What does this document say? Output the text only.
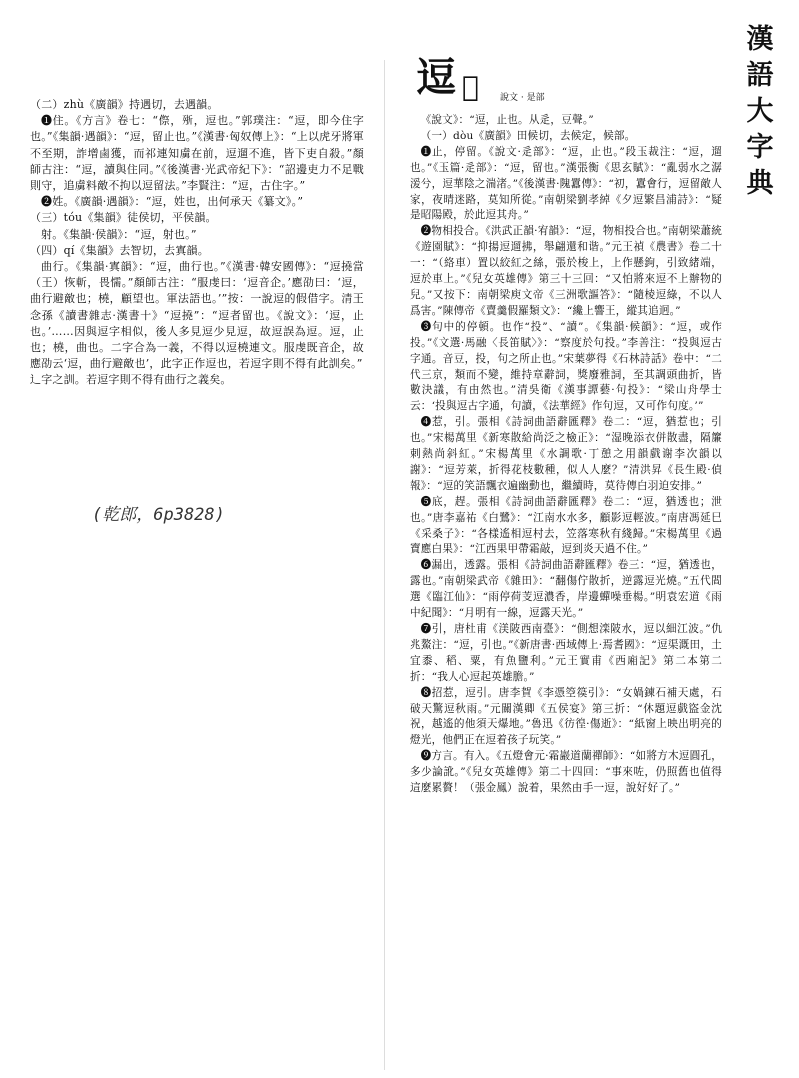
漢
語
大
字
典
逗 𨓆 說文 · 是部

（二）zhù《廣韻》持遇切，去遇韻。

❶住。《方言》卷七：“傺，𣨋，逗也。”郭璞注：“逗，即今住字也。”《集韻·遇韻》：“逗，留止也。”《漢書·匈奴傳上》：“上以虎牙將軍不至期，詐增鹵獲，而祁連知虜在前，逗遛不進，皆下吏自殺。”顏師古注：“逗，讀與住同。”《後漢書·光武帝紀下》：“詔邊吏力不足戰則守，追虜料敵不拘以逗留法。”李賢注：“逗，古住字。”

❷姓。《廣韻·遇韻》：“逗，姓也，出何承天《纂文》。”

（三）tóu《集韻》徒侯切，平侯韻。

射。《集韻·侯韻》：“逗，射也。”

（四）qí《集韻》去智切，去寘韻。

曲行。《集韻·寘韻》：“逗，曲行也。”《漢書·韓安國傳》：“逗撓當（王）恢斬，畏懦。”顏師古注：“服虔曰：‘逗音企。’應劭曰：‘逗，曲行避敵也；橈，顧望也。軍法語也。’”按：一說逗的假借字。清王念孫《讀書雜志·漢書十》“逗撓”：“逗者留也。《說文》：‘逗，止也。’……因與逗字相似，後人多見逗少見逗，故逗誤為逗。逗，止也；橈，曲也。二字合為一義，不得以逗橈連文。服虔既音企，故應劭云‘逗，曲行避敵也’，此字正作逗也，若逗字則不得有此訓矣。”

辶字之訓。若逗字則不得有曲行之義矣。

(乾郎，6p3828)

《說文》：“逗，止也。从辵，豆聲。”

（一）dòu《廣韻》田候切，去候定，候部。

❶止，停留。《說文·辵部》：“逗，止也。”段玉裁注：“逗，遛也。”《玉篇·辵部》：“逗，留也。”漢張衡《思玄賦》：“亂弱水之潺湲兮，逗華陰之湍渚。”《後漢書·隗囂傳》：“初，囂會行，逗留敵人家，夜晴迷路，莫知所從。”南朝梁劉孝綽《夕逗繁昌浦詩》：“疑是昭陽殿，於此逗其舟。”

❷物相投合。《洪武正韻·宥韻》：“逗，物相投合也。”南朝梁蕭統《遊園賦》：“抑揚逗遛拂，舉翩還和谐。”元王禎《農書》卷二十一：“（絡車）置以絞紅之絲，張於梭上，上作懸鉤，引致緒端，逗於車上。”《兒女英雄傳》第三十三回：“又怕將來逗不上辦物的兒。”又按下：南朝梁庾文帝《三洲歌謳答》：“隨棱逗綠，不以人爲害。”陳傳帝《賣羹假羅類文》：“纔上響王，縱其追迥。”

❸句中的停頓。也作“投”、“讀”。《集韻·候韻》：“逗，或作投。”《文選·馬融〈長笛賦〉》：“察度於句投。”李善注：“投與逗古字通。音豆，投，句之所止也。”宋葉夢得《石林詩話》卷中：“二代三京，類而不變，維持章辭詞，獎廢雅詞，至其調頭曲折，皆數決議，有由然也。”清吳衛《漢事譚藝·句投》：“梁山舟學士云：‘投與逗古字通，句讀，《法華經》作句逗，又可作句度。’”

❹惹，引。張相《詩詞曲語辭匯釋》卷二：“逗，猶惹也；引也。”宋楊萬里《新寒散給尚泛之檢正》：“湿晚添衣併散盡，隔簾刺熱尚斜紅。”宋楊萬里《水調歌·丁憩之用韻戲谢李次韻以謝》：“逗芳萊，折得花枝數種，似人人麼？”清洪昇《長生殿·偵報》：“逗的笑語飄衣遍幽動也，繼續時，莫待傳白羽迫安排。”

❺底，趕。張相《詩詞曲語辭匯釋》卷二：“逗，猶透也；泄也。”唐李嘉祐《白鷺》：“江南水水多，顧影逗輕波。”南唐馮延巳《采桑子》：“各樣遙相逗村去，笠落寒秋有綫歸。”宋楊萬里《過寶應白果》：“江西果甲帶霜敲，逗到炎天過不住。”

❻漏出，透露。張相《詩詞曲語辭匯釋》卷三：“逗，猶透也，露也。”南朝梁武帝《雜田》：“翻傷佇散折，逆露逗光燒。”五代閻選《臨江仙》：“雨停荷芰逗濃香，岸邊蟬噪垂楊。”明袁宏道《雨中紀聞》：“月明有一線，逗露天光。”

❼引，唐杜甫《渼陂西南臺》：“側想滦陂水，逗以細江波。”仇兆鰲注：“逗，引也。”《新唐書·西域傳上·焉耆國》：“逗渠溉田，土宜黍、稻、粟，有魚鹽利。”元王實甫《西廂記》第二本第二折：“我人心逗起英雄膽。”

❽招惹，逗引。唐李賀《李憑箜篌引》：“女媧鍊石補天處，石破天驚逗秋雨。”元關漢卿《五侯宴》第三折：“休題逗戲盜金沈祝，越遙的他須天爆地。”魯迅《彷徨·傷逝》：“紙窗上映出明亮的燈光，他們正在逗着孩子玩笑。”

❾方言。有入。《五燈會元·霜巖道蘭禪師》：“如將方木逗圓孔，多少論訛。”《兒女英雄傳》第二十四回：“事來咗，仍照舊也值得這麼累贅！（張金鳳）說着，果然由手一逗，說好好了。”
